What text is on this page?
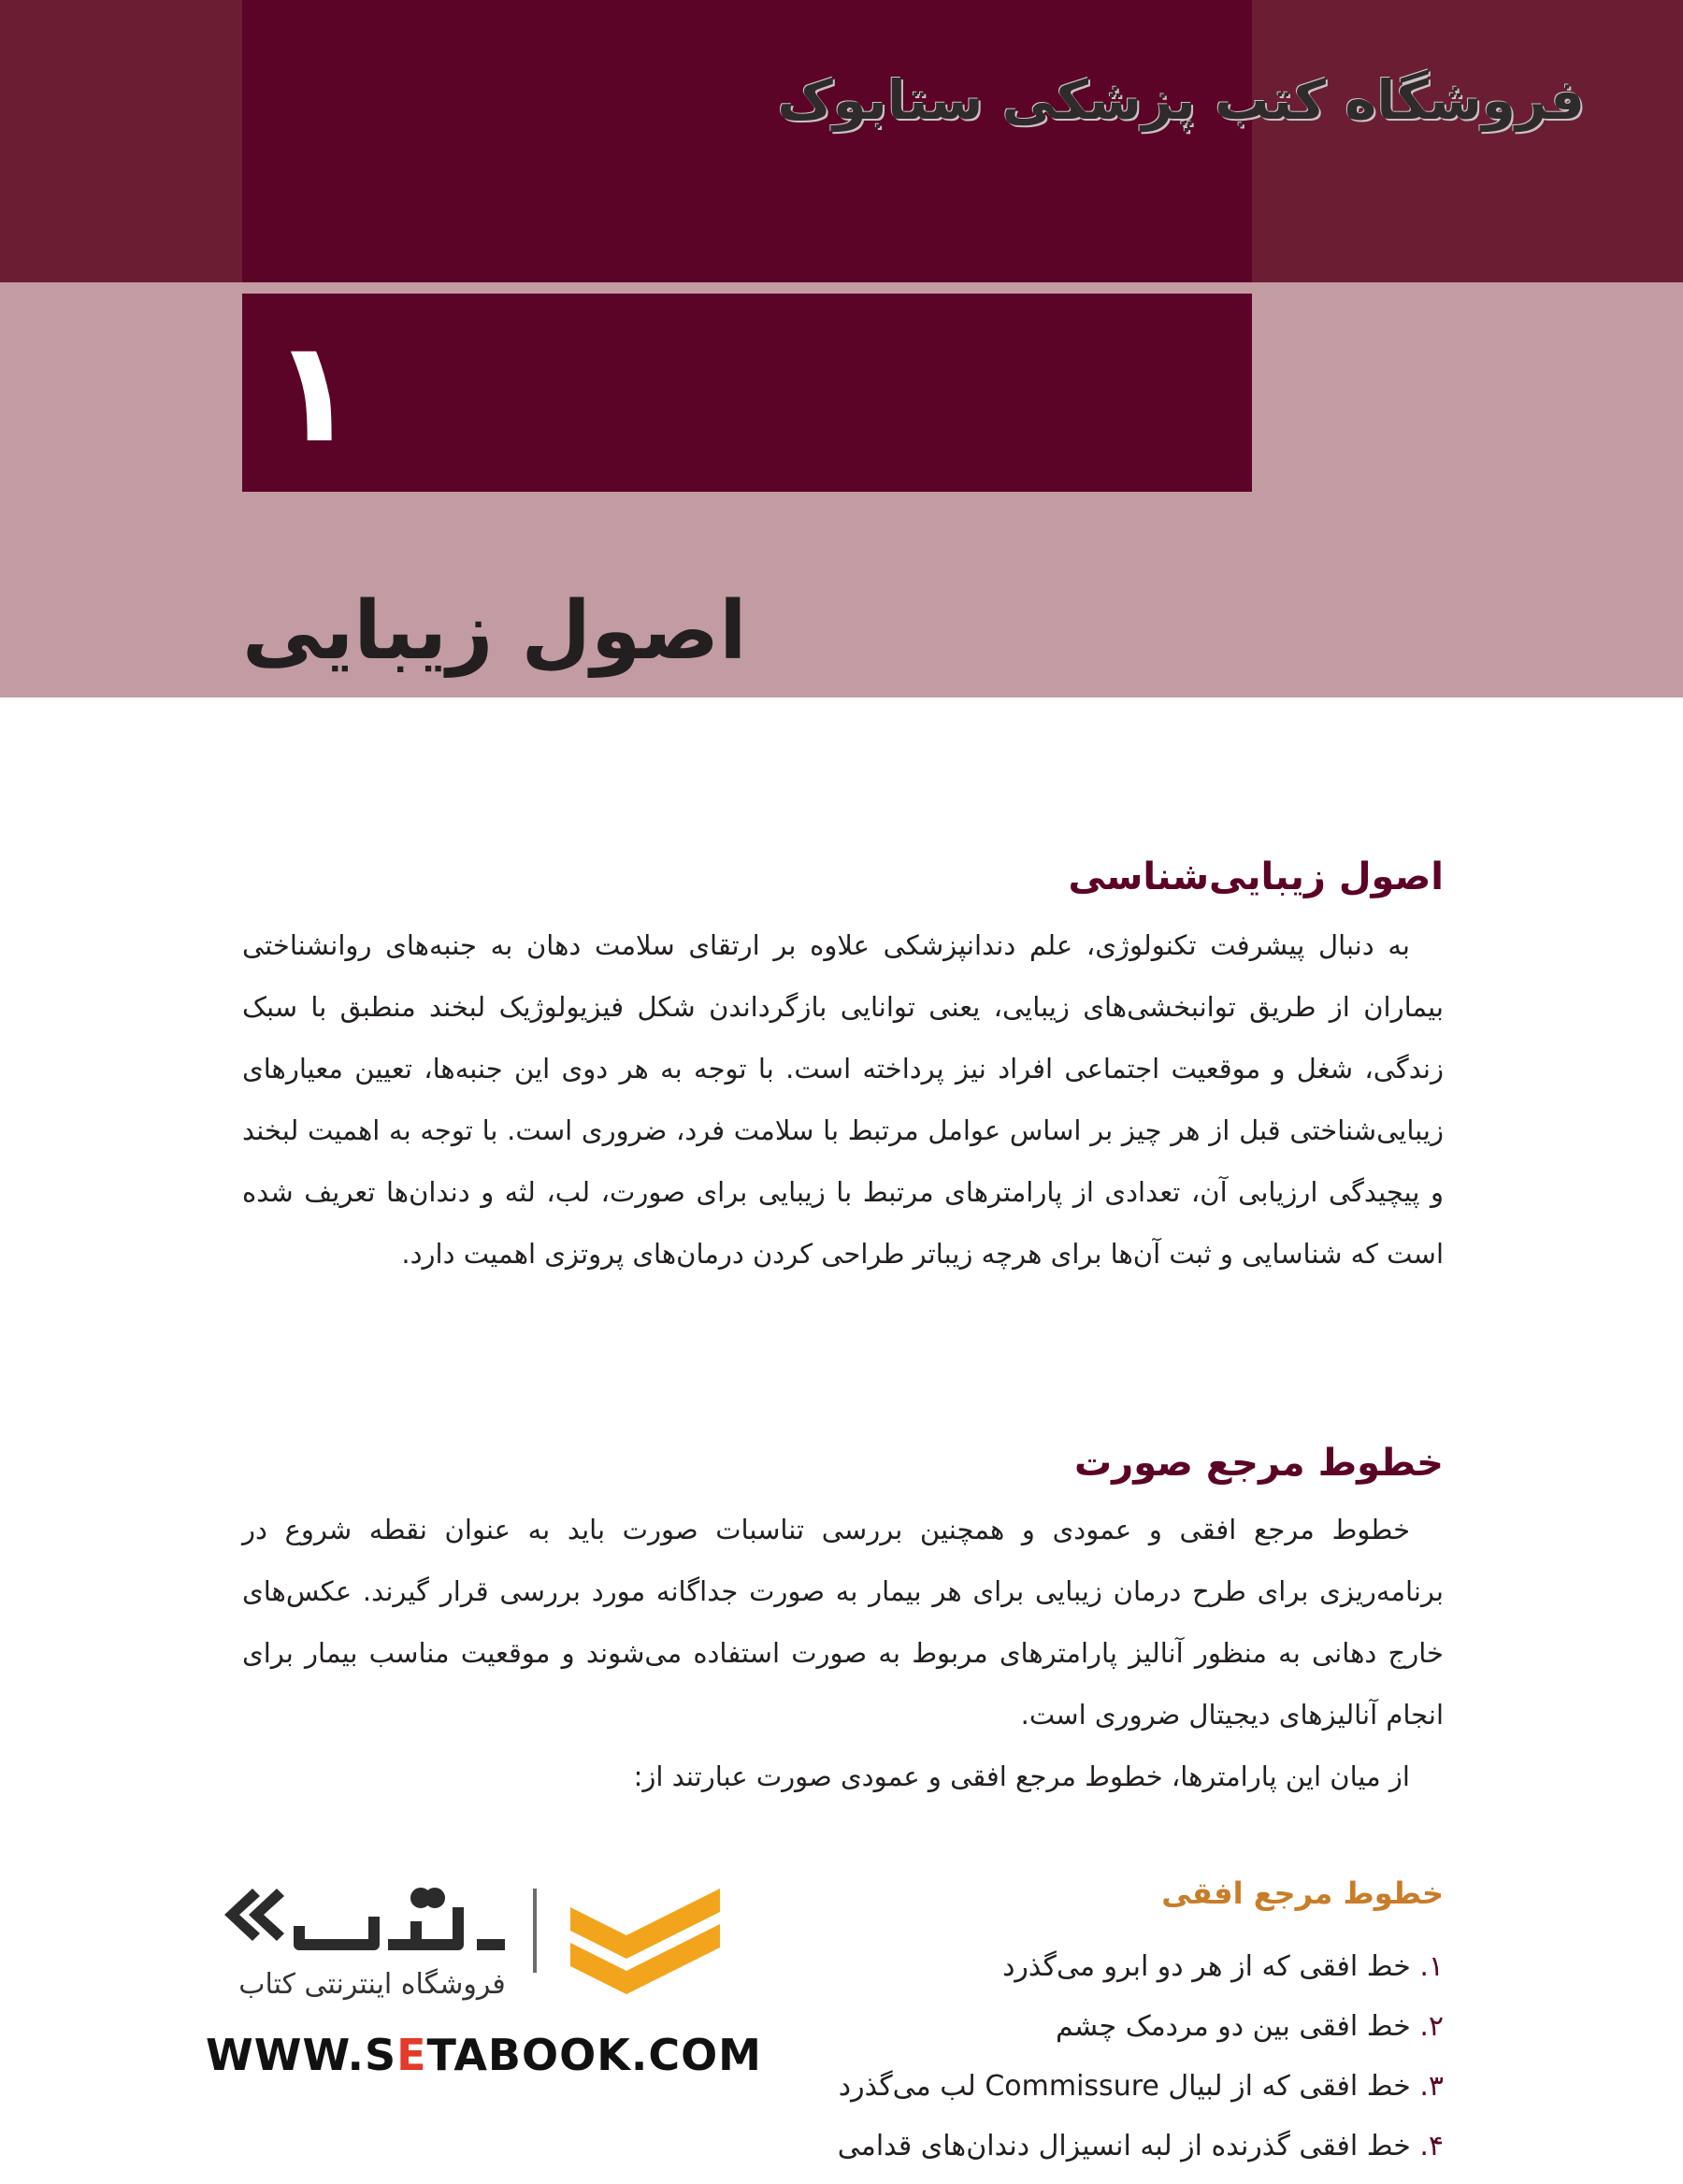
فروشگاه کتب پزشکی ستابوک
۱
اصول زیبایی
اصول زیبایی‌شناسی

به دنبال پیشرفت تکنولوژی، علم دندانپزشکی علاوه بر ارتقای سلامت دهان به جنبه‌های روانشناختی بیماران از طریق توانبخشی‌های زیبایی، یعنی توانایی بازگرداندن شکل فیزیولوژیک لبخند منطبق با سبک زندگی، شغل و موقعیت اجتماعی افراد نیز پرداخته است. با توجه به هر دوی این جنبه‌ها، تعیین معیارهای زیبایی‌شناختی قبل از هر چیز بر اساس عوامل مرتبط با سلامت فرد، ضروری است. با توجه به اهمیت لبخند و پیچیدگی ارزیابی آن، تعدادی از پارامترهای مرتبط با زیبایی برای صورت، لب، لثه و دندان‌ها تعریف شده است که شناسایی و ثبت آن‌ها برای هرچه زیباتر طراحی کردن درمان‌های پروتزی اهمیت دارد.

خطوط مرجع صورت

خطوط مرجع افقی و عمودی و همچنین بررسی تناسبات صورت باید به عنوان نقطه شروع در برنامه‌ریزی برای طرح درمان زیبایی برای هر بیمار به صورت جداگانه مورد بررسی قرار گیرند. عکس‌های خارج دهانی به منظور آنالیز پارامترهای مربوط به صورت استفاده می‌شوند و موقعیت مناسب بیمار برای انجام آنالیزهای دیجیتال ضروری است.

از میان این پارامترها، خطوط مرجع افقی و عمودی صورت عبارتند از:

خطوط مرجع افقی
۱. خط افقی که از هر دو ابرو می‌گذرد
۲. خط افقی بین دو مردمک چشم
۳. خط افقی که از لبیال Commissure لب می‌گذرد
۴. خط افقی گذرنده از لبه انسیزال دندان‌های قدامی
فروشگاه اینترنتی کتاب
WWW.SETABOOK.COM
